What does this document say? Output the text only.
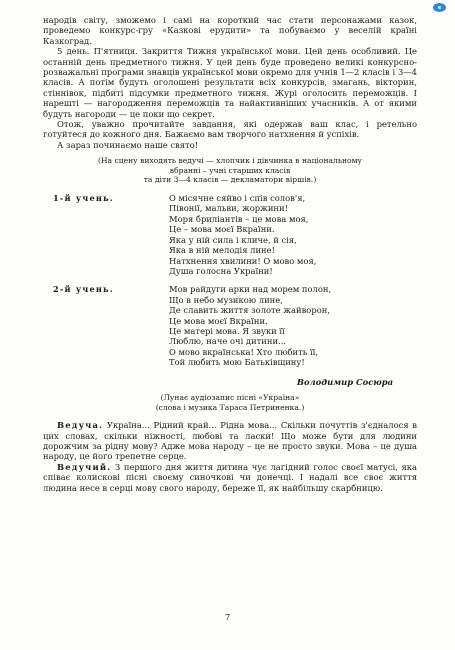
e

народів світу, зможемо і самі на короткий час стати персонажами казок, проведемо конкурс-гру «Казкові ерудити» та побуваємо у веселій країні Казкоград.

5 день. П'ятниця. Закриття Тижня української мови. Цей день особливий. Це останній день предметного тижня. У цей день буде проведено великі конкурсно-розважальні програми знавців української мови окремо для учнів 1—2 класів і 3—4 класів. А потім будуть оголошені результати всіх конкурсів, змагань, вікторин, стіннівок, підбиті підсумки предметного тижня. Журі оголосить переможців. І нарешті — нагородження переможців та найактивніших учасників. А от якими будуть нагороди — це поки що секрет.

Отож, уважно прочитайте завдання, які одержав ваш клас, і ретельно готуйтеся до кожного дня. Бажаємо вам творчого натхнення й успіхів.

А зараз починаємо наше свято!

(На сцену виходять ведучі — хлопчик і дівчинка в національному
вбранні – учні старших класів
та діти 3—4 класів — декламатори віршів.)
1-й учень.	О місячне сяйво і спів солов'я,
Півонії, мальви, жоржини!
Моря брилiантів – це мова моя,
Це – мова моєї Вкраїни.
Яка у ній сила і кличе, й сія,
Яка в ній мелодія лине!
Натхнення хвилини! О мово моя,
Душа голосна України!
2-й учень.	Мов райдуги арки над морем полон,
Що в небо музикою лине,
Де славить життя золоте жайворон,
Це мова моєї Вкраїни.
Це матері мова. Я звуки її
Люблю, наче очі дитини...
О мово вкраїнська! Хто любить її,
Той любить мою Батьківщину!
Володимир Сосюра
(Лунає аудіозапис пісні «Україна»
(слова і музика Тараса Петриненка.)

Ведуча. Україна... Рідний край... Рідна мова... Скільки почуттів з'єдналося в цих словах, скільки ніжності, любові та ласки! Що може бути для людини дорожчим за рідну мову? Адже мова народу – це не просто звуки. Мова – це душа народу, це його трепетне серце.

Ведучий. З першого дня життя дитина чує лагідний голос своєї матусі, яка співає колискові пісні своєму синочкові чи донечці. І надалі все своє життя людина несе в серці мову свого народу, береже її, як найбільшу скарбницю.

7
